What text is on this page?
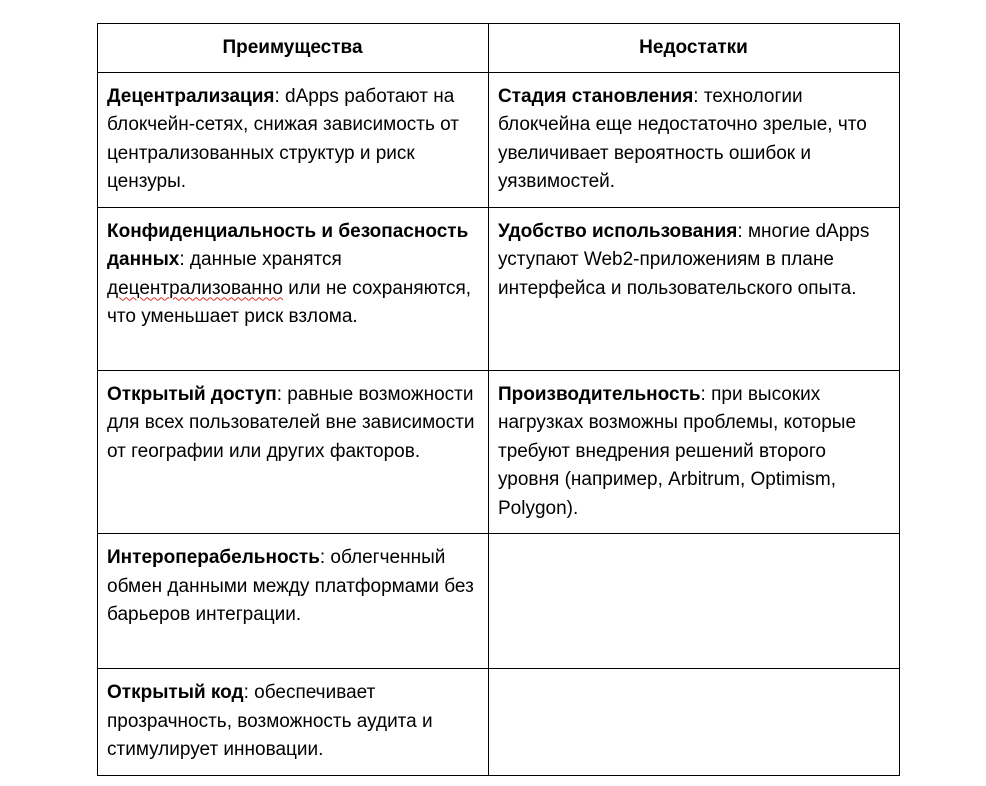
Преимущества	Недостатки
Децентрализация: dApps работают на блокчейн-сетях, снижая зависимость от централизованных структур и риск цензуры.	Стадия становления: технологии блокчейна еще недостаточно зрелые, что увеличивает вероятность ошибок и уязвимостей.
Конфиденциальность и безопасность данных: данные хранятся децентрализованно или не сохраняются, что уменьшает риск взлома.	Удобство использования: многие dApps уступают Web2-приложениям в плане интерфейса и пользовательского опыта.
Открытый доступ: равные возможности для всех пользователей вне зависимости от географии или других факторов.	Производительность: при высоких нагрузках возможны проблемы, которые требуют внедрения решений второго уровня (например, Arbitrum, Optimism, Polygon).
Интероперабельность: облегченный обмен данными между платформами без барьеров интеграции.	
Открытый код: обеспечивает прозрачность, возможность аудита и стимулирует инновации.	
